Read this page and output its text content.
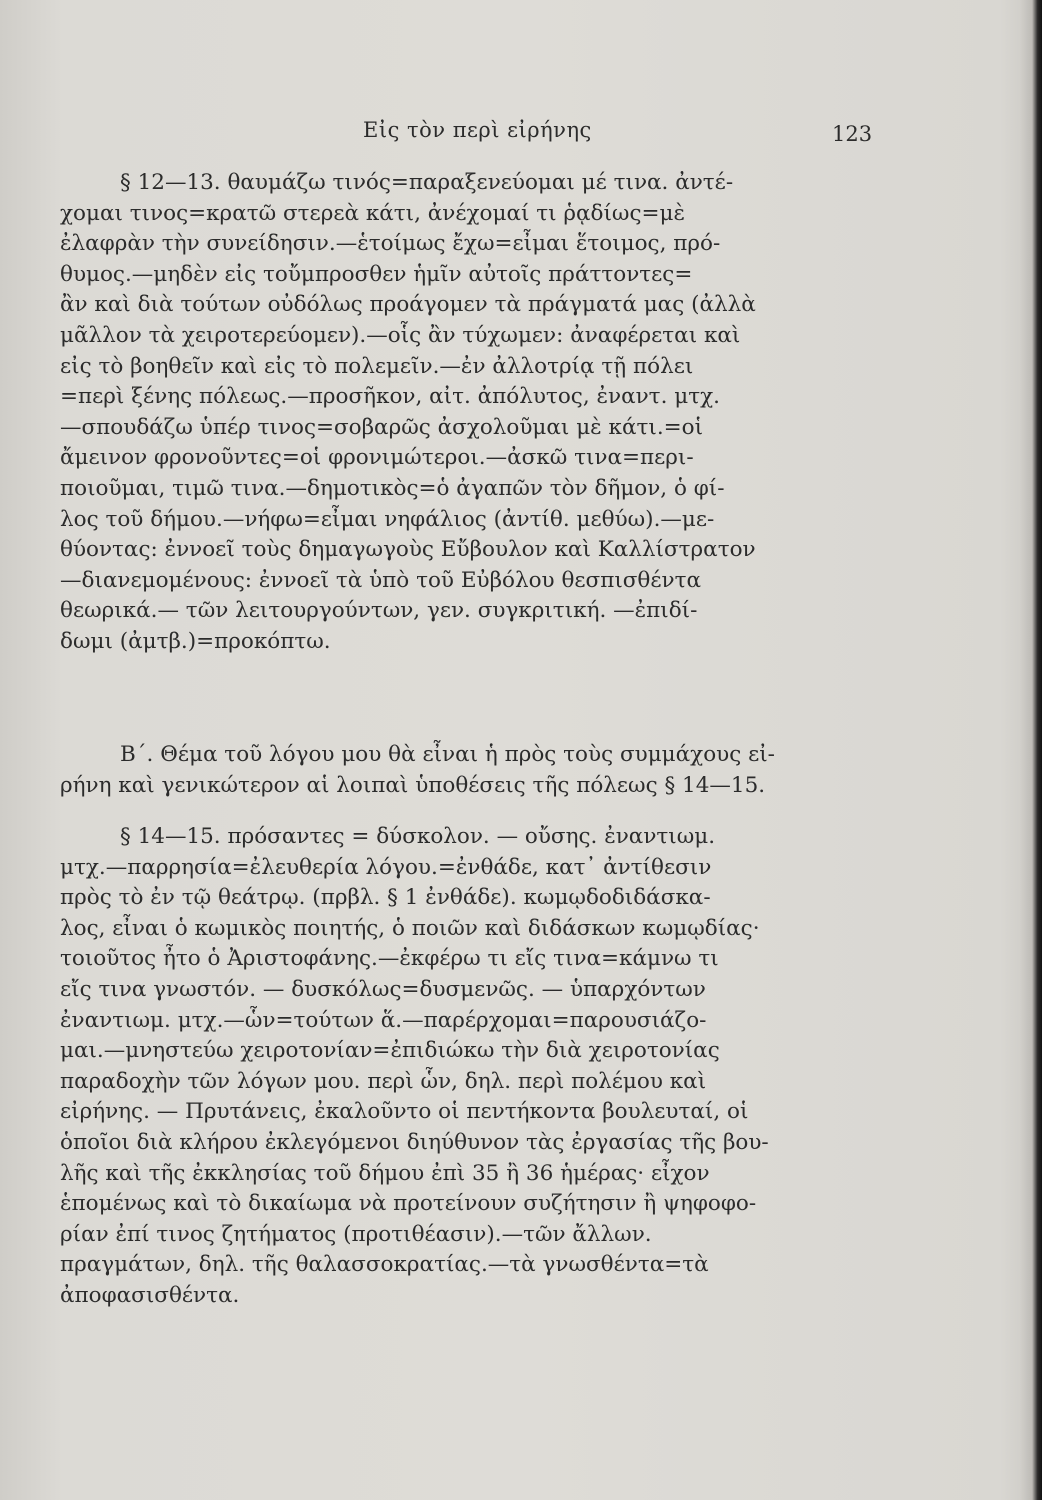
Εἰς τὸν περὶ εἰρήνης	123
§ 12—13. θαυμάζω τινός=παραξενεύομαι μέ τινα. ἀντέ-
χομαι τινος=κρατῶ στερεὰ κάτι, ἀνέχομαί τι ῥᾳδίως=μὲ
ἐλαφρὰν τὴν συνείδησιν.—ἑτοίμως ἔχω=εἶμαι ἕτοιμος, πρό-
θυμος.—μηδὲν εἰς τοὔμπροσθεν ἡμῖν αὐτοῖς πράττοντες=
ἂν καὶ διὰ τούτων οὐδόλως προάγομεν τὰ πράγματά μας (ἀλλὰ
μᾶλλον τὰ χειροτερεύομεν).—οἷς ἂν τύχωμεν: ἀναφέρεται καὶ
εἰς τὸ βοηθεῖν καὶ εἰς τὸ πολεμεῖν.—ἐν ἀλλοτρίᾳ τῇ πόλει
=περὶ ξένης πόλεως.—προσῆκον, αἰτ. ἀπόλυτος, ἐναντ. μτχ.
—σπουδάζω ὑπέρ τινος=σοβαρῶς ἀσχολοῦμαι μὲ κάτι.=οἱ
ἄμεινον φρονοῦντες=οἱ φρονιμώτεροι.—ἀσκῶ τινα=περι-
ποιοῦμαι, τιμῶ τινα.—δημοτικὸς=ὁ ἀγαπῶν τὸν δῆμον, ὁ φί-
λος τοῦ δήμου.—νήφω=εἶμαι νηφάλιος (ἀντίθ. μεθύω).—με-
θύοντας: ἐννοεῖ τοὺς δημαγωγοὺς Εὔβουλον καὶ Καλλίστρατον
—διανεμομένους: ἐννοεῖ τὰ ὑπὸ τοῦ Εὐβόλου θεσπισθέντα
θεωρικά.— τῶν λειτουργούντων, γεν. συγκριτική. —ἐπιδί-
δωμι (ἀμτβ.)=προκόπτω.
Β΄. Θέμα τοῦ λόγου μου θὰ εἶναι ἡ πρὸς τοὺς συμμάχους εἰ-
ρήνη καὶ γενικώτερον αἱ λοιπαὶ ὑποθέσεις τῆς πόλεως § 14—15.
§ 14—15. πρόσαντες = δύσκολον. — οὔσης. ἐναντιωμ.
μτχ.—παρρησία=ἐλευθερία λόγου.=ἐνθάδε, κατ᾽ ἀντίθεσιν
πρὸς τὸ ἐν τῷ θεάτρῳ. (πρβλ. § 1 ἐνθάδε). κωμῳδοδιδάσκα-
λος, εἶναι ὁ κωμικὸς ποιητής, ὁ ποιῶν καὶ διδάσκων κωμῳδίας·
τοιοῦτος ἦτο ὁ Ἀριστοφάνης.—ἐκφέρω τι εἴς τινα=κάμνω τι
εἴς τινα γνωστόν. — δυσκόλως=δυσμενῶς. — ὑπαρχόντων
ἐναντιωμ. μτχ.—ὧν=τούτων ἅ.—παρέρχομαι=παρουσιάζο-
μαι.—μνηστεύω χειροτονίαν=ἐπιδιώκω τὴν διὰ χειροτονίας
παραδοχὴν τῶν λόγων μου. περὶ ὧν, δηλ. περὶ πολέμου καὶ
εἰρήνης. — Πρυτάνεις, ἐκαλοῦντο οἱ πεντήκοντα βουλευταί, οἱ
ὁποῖοι διὰ κλήρου ἐκλεγόμενοι διηύθυνον τὰς ἐργασίας τῆς βου-
λῆς καὶ τῆς ἐκκλησίας τοῦ δήμου ἐπὶ 35 ἢ 36 ἡμέρας· εἶχον
ἑπομένως καὶ τὸ δικαίωμα νὰ προτείνουν συζήτησιν ἢ ψηφοφο-
ρίαν ἐπί τινος ζητήματος (προτιθέασιν).—τῶν ἄλλων.
πραγμάτων, δηλ. τῆς θαλασσοκρατίας.—τὰ γνωσθέντα=τὰ
ἀποφασισθέντα.
